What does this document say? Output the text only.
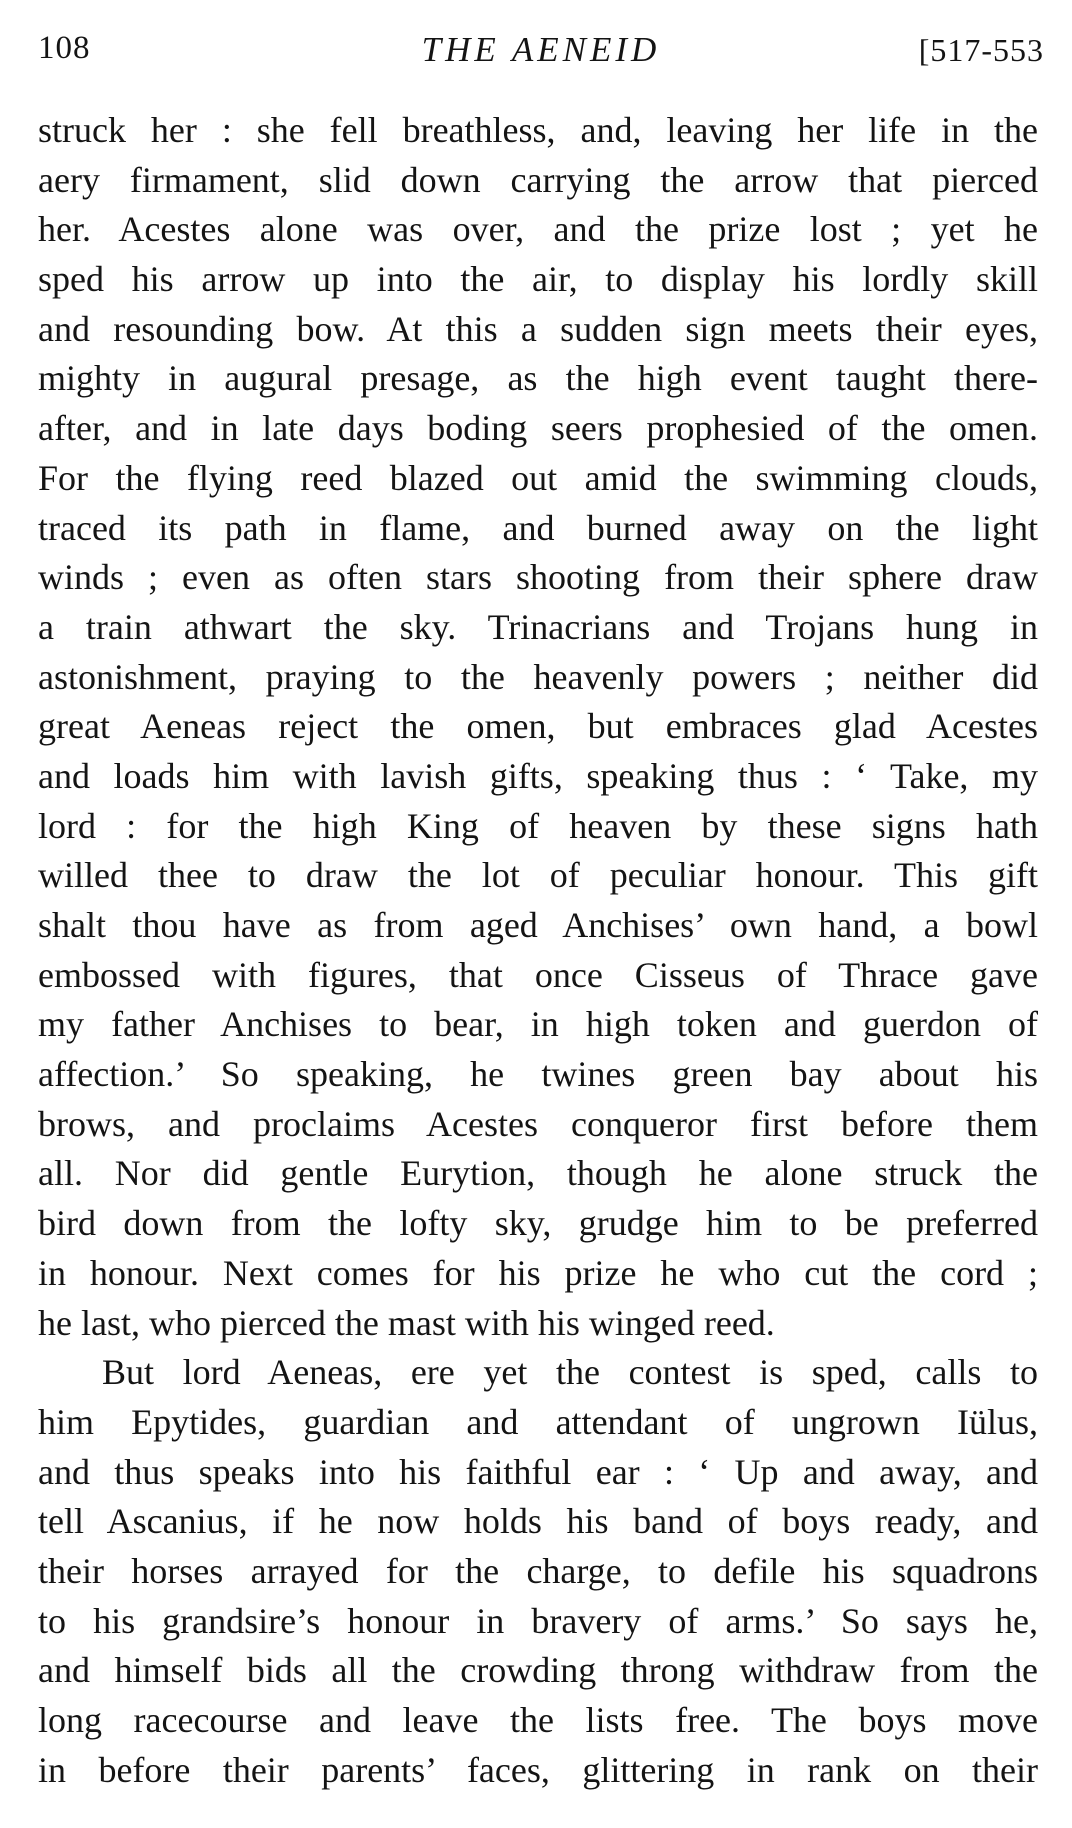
108	THE AENEID	[517-553
struck her : she fell breathless, and, leaving her life in the
aery firmament, slid down carrying the arrow that pierced
her. Acestes alone was over, and the prize lost ; yet he
sped his arrow up into the air, to display his lordly skill
and resounding bow. At this a sudden sign meets their eyes,
mighty in augural presage, as the high event taught there-
after, and in late days boding seers prophesied of the omen.
For the flying reed blazed out amid the swimming clouds,
traced its path in flame, and burned away on the light
winds ; even as often stars shooting from their sphere draw
a train athwart the sky. Trinacrians and Trojans hung in
astonishment, praying to the heavenly powers ; neither did
great Aeneas reject the omen, but embraces glad Acestes
and loads him with lavish gifts, speaking thus : ‘ Take, my
lord : for the high King of heaven by these signs hath
willed thee to draw the lot of peculiar honour. This gift
shalt thou have as from aged Anchises’ own hand, a bowl
embossed with figures, that once Cisseus of Thrace gave
my father Anchises to bear, in high token and guerdon of
affection.’ So speaking, he twines green bay about his
brows, and proclaims Acestes conqueror first before them
all. Nor did gentle Eurytion, though he alone struck the
bird down from the lofty sky, grudge him to be preferred
in honour. Next comes for his prize he who cut the cord ;
he last, who pierced the mast with his winged reed.
But lord Aeneas, ere yet the contest is sped, calls to
him Epytides, guardian and attendant of ungrown Iülus,
and thus speaks into his faithful ear : ‘ Up and away, and
tell Ascanius, if he now holds his band of boys ready, and
their horses arrayed for the charge, to defile his squadrons
to his grandsire’s honour in bravery of arms.’ So says he,
and himself bids all the crowding throng withdraw from the
long racecourse and leave the lists free. The boys move
in before their parents’ faces, glittering in rank on their
